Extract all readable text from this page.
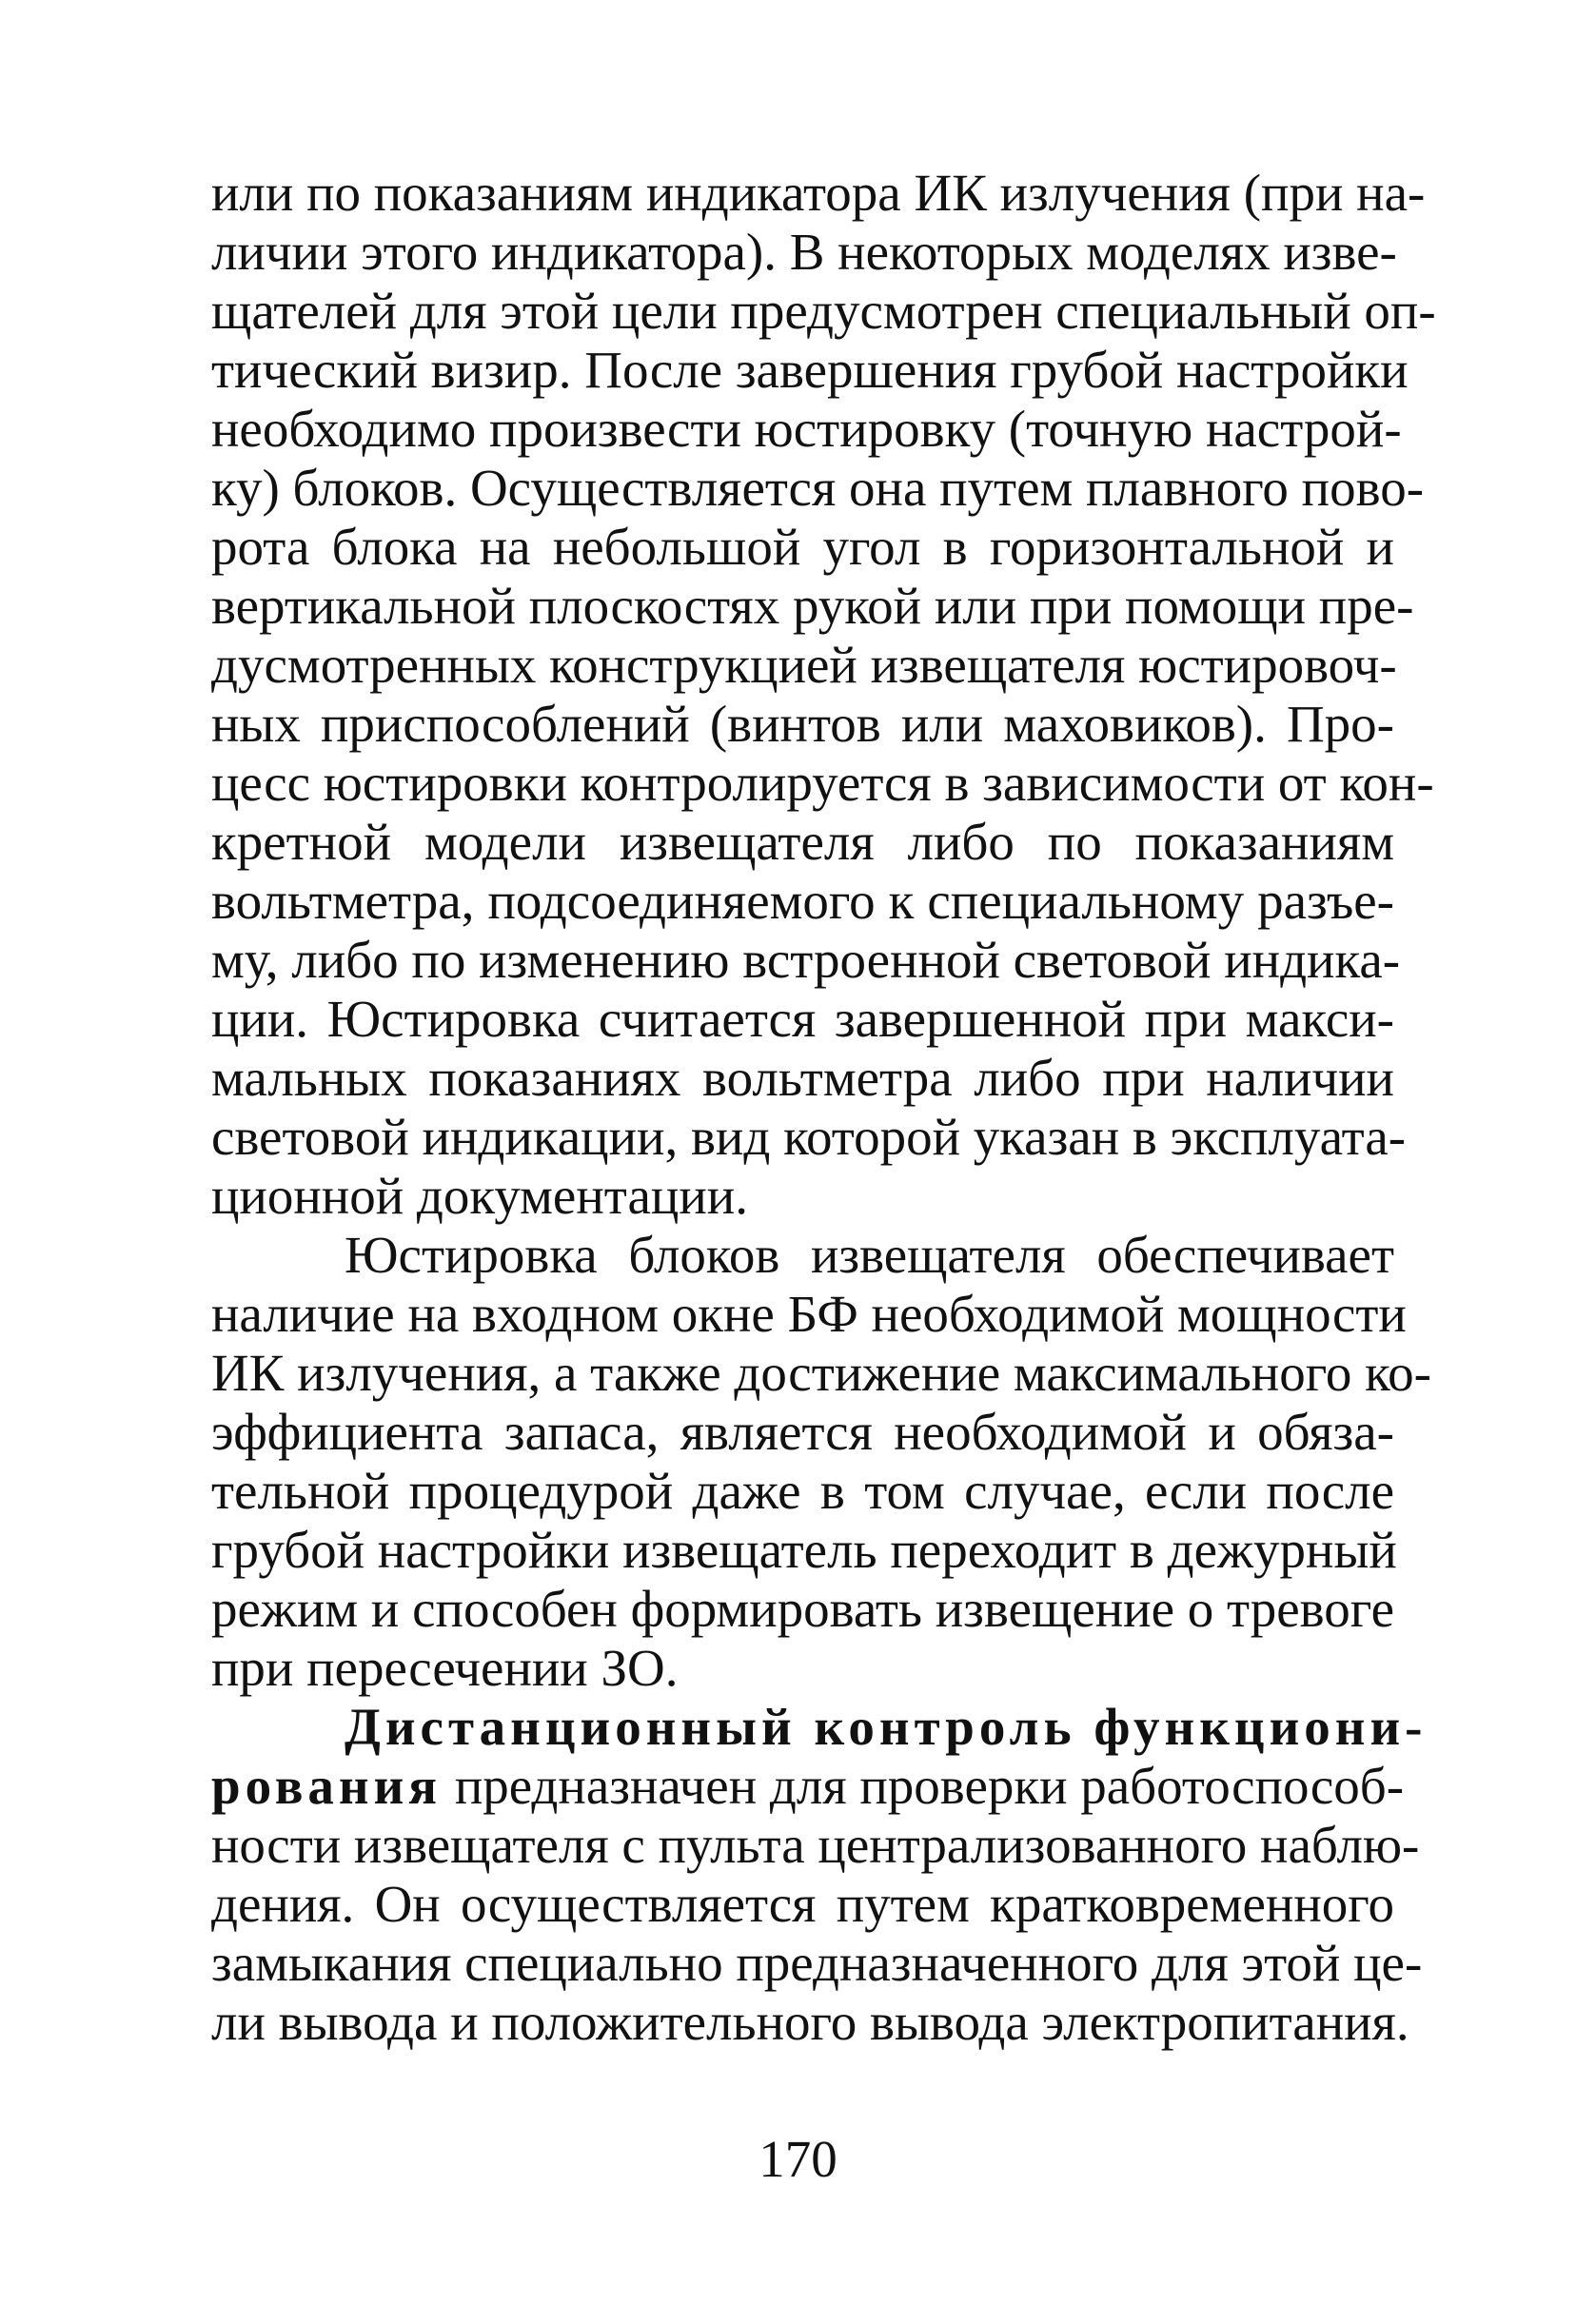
или по показаниям индикатора ИК излучения (при на-
личии этого индикатора). В некоторых моделях изве-
щателей для этой цели предусмотрен специальный оп-
тический визир. После завершения грубой настройки
необходимо произвести юстировку (точную настрой-
ку) блоков. Осуществляется она путем плавного пово-
рота блока на небольшой угол в горизонтальной и
вертикальной плоскостях рукой или при помощи пре-
дусмотренных конструкцией извещателя юстировоч-
ных приспособлений (винтов или маховиков). Про-
цесс юстировки контролируется в зависимости от кон-
кретной модели извещателя либо по показаниям
вольтметра, подсоединяемого к специальному разъе-
му, либо по изменению встроенной световой индика-
ции. Юстировка считается завершенной при макси-
мальных показаниях вольтметра либо при наличии
световой индикации, вид которой указан в эксплуата-
ционной документации.
Юстировка блоков извещателя обеспечивает
наличие на входном окне БФ необходимой мощности
ИК излучения, а также достижение максимального ко-
эффициента запаса, является необходимой и обяза-
тельной процедурой даже в том случае, если после
грубой настройки извещатель переходит в дежурный
режим и способен формировать извещение о тревоге
при пересечении ЗО.
Дистанционный контроль функциони-
рования предназначен для проверки работоспособ-
ности извещателя с пульта централизованного наблю-
дения. Он осуществляется путем кратковременного
замыкания специально предназначенного для этой це-
ли вывода и положительного вывода электропитания.
170
